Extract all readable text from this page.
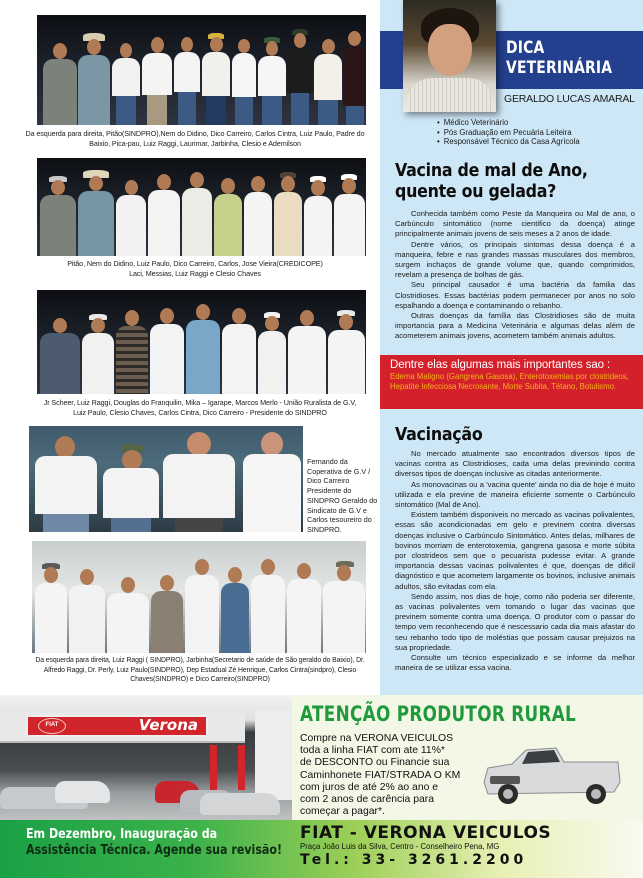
Da esquerda para direita, Pitão(SINDPRO),Nem do Didino, Dico Carreiro, Carlos Cintra, Luiz Paulo, Padre do Baixio, Pica-pau, Luiz Raggi, Laurimar, Jarbinha, Clesio e Ademilson
Pitão, Nem do Didino, Luiz Paulo, Dico Carreiro, Carlos, Jose Vieira(CREDICOPE) Laci, Messias, Luiz Raggi e Clesio Chaves
Jr Scheer, Luiz Raggi, Douglas do Franquilin, Mika – Igarape, Marcos Merlo - União Ruralista de G.V, Luiz Paulo, Clesio Chaves, Carlos Cintra, Dico Carreiro - Presidente do SINDPRO
Fernando da Coperativa de G.V / Dico Carreiro Presidente do SINDPRO Geraldo do Sindicato de G.V e Carlos tesoureiro do SINDPRO.
Da esquerda para direita, Luiz Raggi ( SINDPRO), Jarbinha(Secretario de saúde de São geraldo do Baixio), Dr. Alfredo Raggi, Dr. Perly, Luiz Paulo(SINDPRO), Dep Estadual Zé Henrique, Carlos Cintra(sindpro), Clesio Chaves(SINDPRO) e Dico Carreiro(SINDPRO)
DICA
VETERINÁRIA
GERALDO LUCAS AMARAL
• Médico Veterinário
• Pós Graduação em Pecuária Leiteira
• Responsável Técnico da Casa Agrícola
Vacina de mal de Ano, quente ou gelada?

Conhecida também como Peste da Manqueira ou Mal de ano, o Carbúnculo sintomático (nome cientifico da doença) atinge principalmente animais jovens de seis meses a 2 anos de idade.

Dentre vários, os principais sintomas dessa doença é a manqueira, febre e nas grandes massas musculares dos membros, surgem inchaços de grande volume que, quando comprimidos, revelam a presença de bolhas de gás.

Seu principal causador é uma bactéria da familia das Clostridioses. Essas bactérias podem permanecer por anos no solo espalhando a doença e contaminando o rebanho.

Outras doenças da família das Clostridioses são de muita importancia para a Medicina Veterinária e algumas delas além de acometerem animais jovens, acometem também animais adultos.

Dentre elas algumas mais importantes sao :
Edema Maligno (Gangrena Gasosa), Enterotoxemias por clostrideos, Hepatite Infecciosa Necrosante, Morte Subita, Tétano, Botulismo.
Vacinação

No mercado atualmente sao encontrados diversos tipos de vacinas contra as Clostridioses, cada uma delas previnindo contra diversos tipos de doenças inclusive as citadas anteriormente.

As monovacinas ou a 'vacina quente' ainda no dia de hoje é muito utilizada e ela previne de maneira eficiente somente o Carbúnculo sintomático (Mal de Ano).

Existem também disponiveis no mercado as vacinas polivalentes, essas são acondicionadas em gelo e previnem contra diversas doenças inclusive o Carbúnculo Sintomático. Antes delas, milhares de bovinos morriam de enterotoxemia, gangrena gasosa e morte súbita por clostrideos sem que o pecuarista pudesse evitar. A grande importancia dessas vacinas polivalentes é que, doenças de dificil diagnóstico e que acometem largamente os bovinos, inclusive animais adultos, são evitadas com ela.

Sendo assim, nos dias de hoje, como não poderia ser diferente, as vacinas polivalentes vem tomando o lugar das vacinas que previnem somente contra uma doença. O produtor com o passar do tempo vem reconhecendo que é nescessario cada dia mais afastar do seu rebanho todo tipo de moléstias que possam causar prejuizos na sua propriedade.

Consulte um técnico especializado e se informe da melhor maneira de se utilizar essa vacina.

FIAT	Verona	ATENÇÃO PRODUTOR RURAL
Compre na VERONA VEICULOS
toda a linha FIAT com ate 11%*
de DESCONTO ou Financie sua
Caminhonete FIAT/STRADA O KM
com juros de até 2% ao ano e
com 2 anos de carência para
começar a pagar*.
Em Dezembro, Inauguração da
Assistência Técnica. Agende sua revisão!
FIAT - VERONA VEICULOS
Praça João Luis da Silva, Centro - Conselheiro Pena, MG
Tel.: 33- 3261.2200
